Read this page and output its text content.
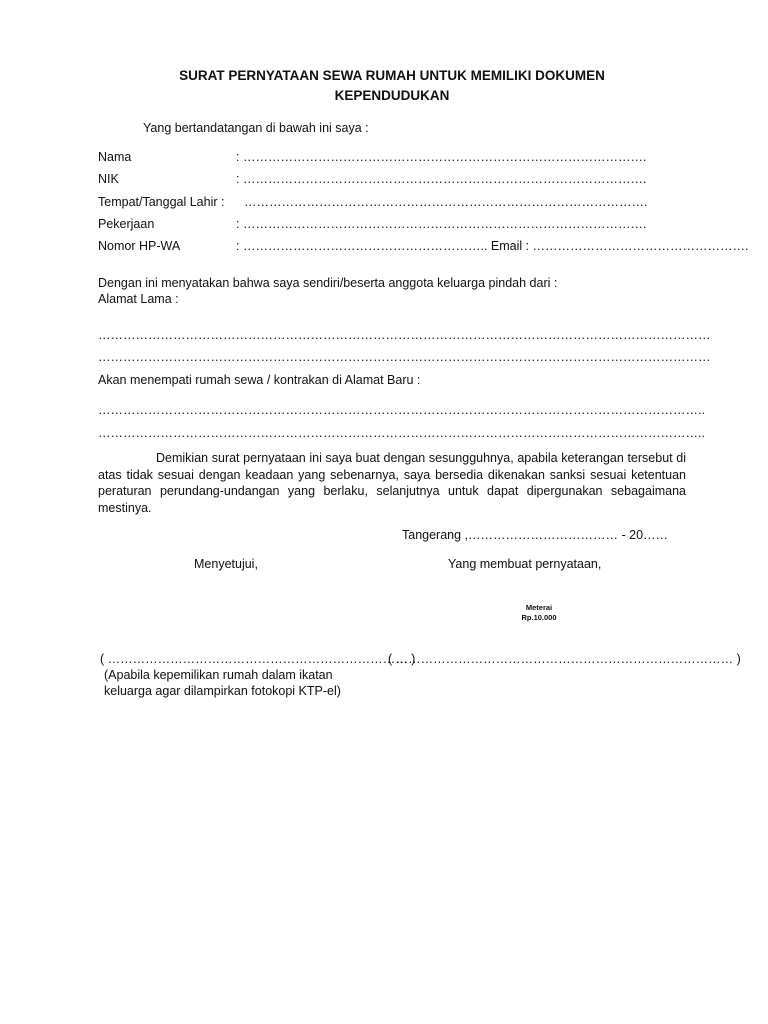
SURAT PERNYATAAN SEWA RUMAH UNTUK MEMILIKI DOKUMEN
KEPENDUDUKAN
Yang bertandatangan di bawah ini saya :
Nama	: …………………………………………………………………………………….
NIK	: …………………………………………………………………………………….
Tempat/Tanggal Lahir : …………………………………………………………………………………….
Pekerjaan	: …………………………………………………………………………………….
Nomor HP-WA	: ………………………………………………….. Email : …………………………………………….
Dengan ini menyatakan bahwa saya sendiri/beserta anggota keluarga pindah dari :
Alamat Lama :
…………………………………………………………………………………………………………………………………
…………………………………………………………………………………………………………………………………
Akan menempati rumah sewa / kontrakan di Alamat Baru :
………………………………………………………………………………………………………………………………..
………………………………………………………………………………………………………………………………..
Demikian surat pernyataan ini saya buat dengan sesungguhnya, apabila keterangan tersebut di atas tidak sesuai dengan keadaan yang sebenarnya, saya bersedia dikenakan sanksi sesuai ketentuan peraturan perundang-undangan yang berlaku, selanjutnya untuk dapat dipergunakan sebagaimana mestinya.
Tangerang ,……………………………… - 20……
Menyetujui,	Yang membuat pernyataan,
Meterai
Rp.10.000
( ……………………………………………………………… )
( ……………………………………………………………………… )
(Apabila kepemilikan rumah dalam ikatan
keluarga agar dilampirkan fotokopi KTP-el)
